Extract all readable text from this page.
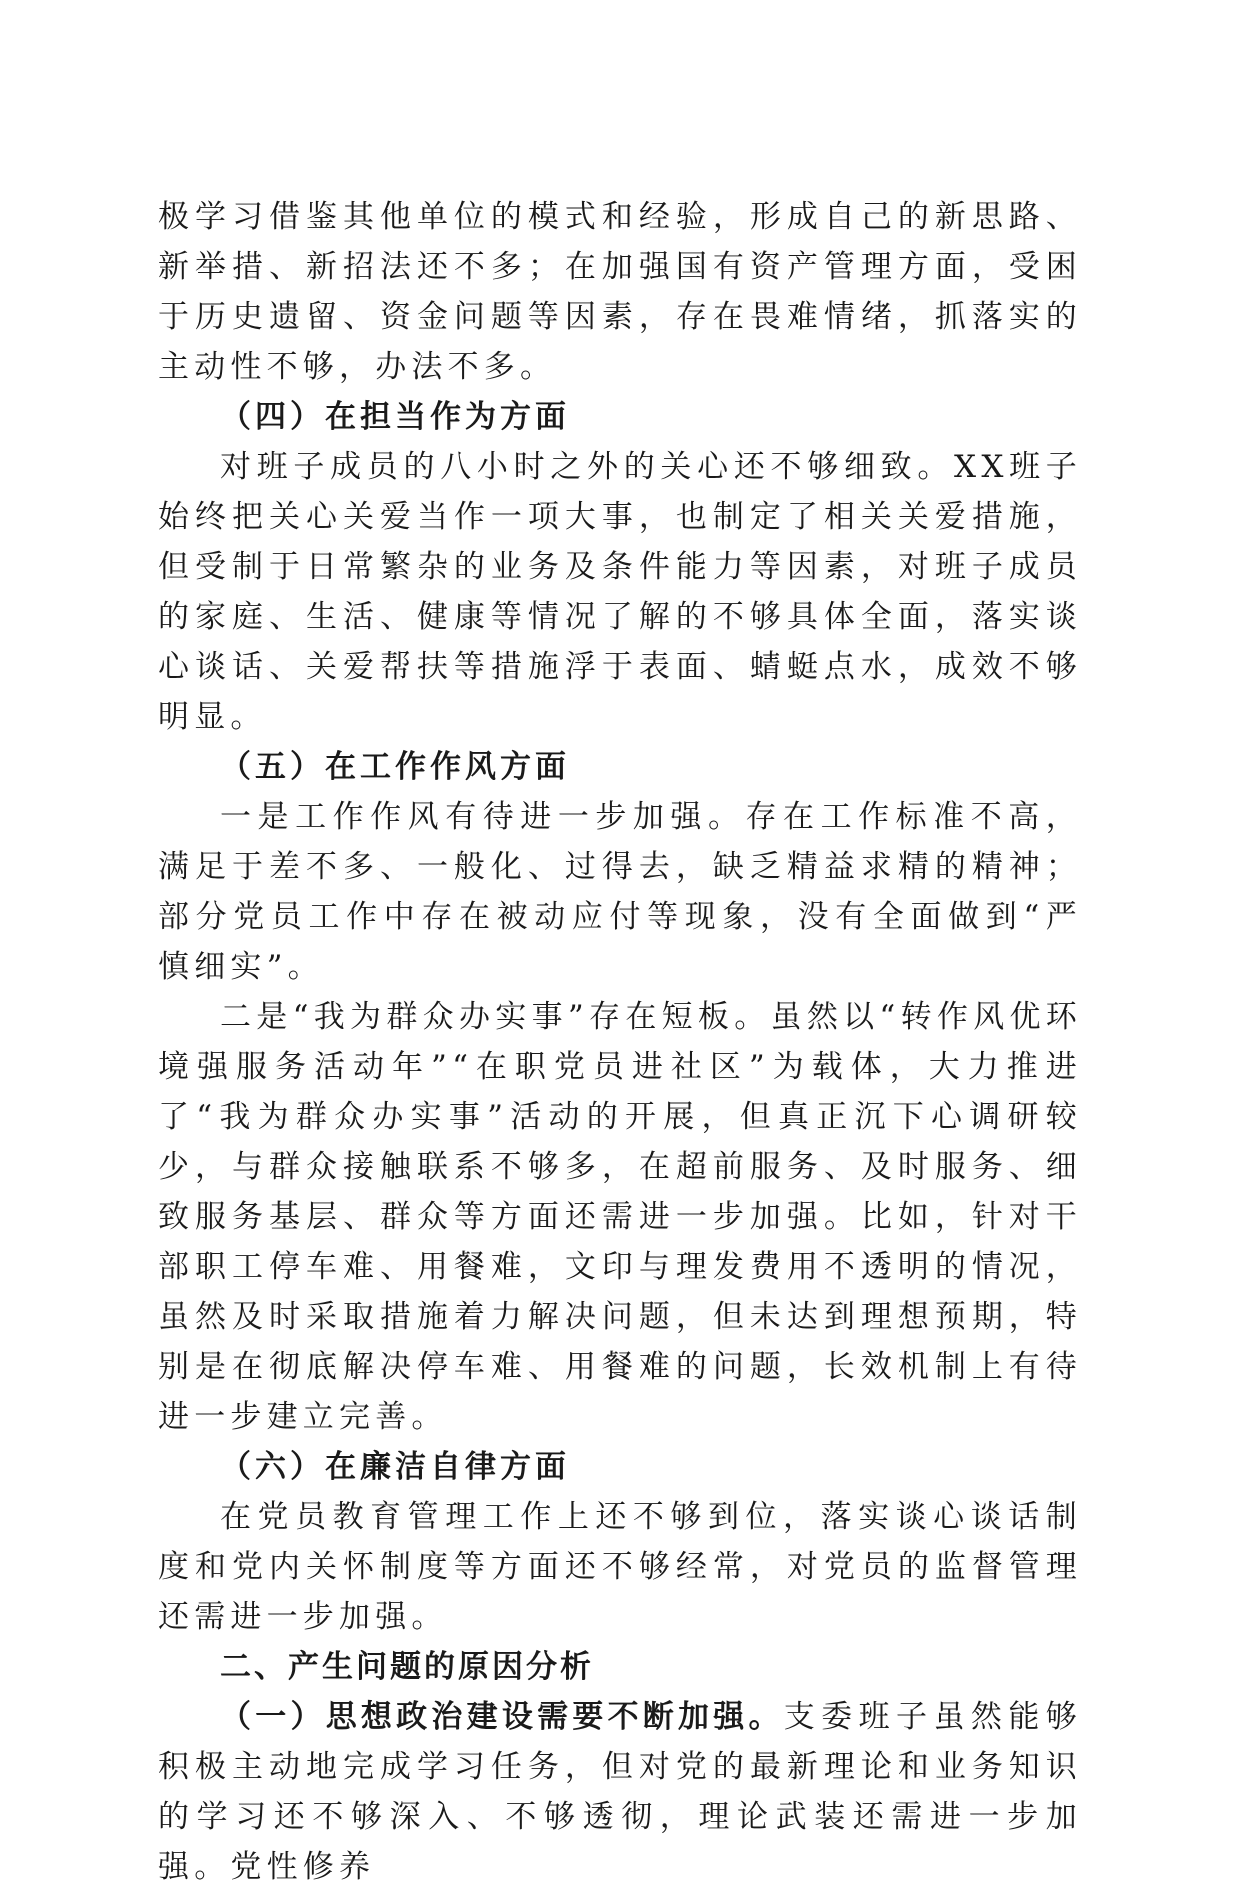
极学习借鉴其他单位的模式和经验，形成自己的新思路、新举措、新招法还不多；在加强国有资产管理方面，受困于历史遗留、资金问题等因素，存在畏难情绪，抓落实的主动性不够，办法不多。

（四）在担当作为方面

对班子成员的八小时之外的关心还不够细致。XX班子始终把关心关爱当作一项大事，也制定了相关关爱措施，但受制于日常繁杂的业务及条件能力等因素，对班子成员的家庭、生活、健康等情况了解的不够具体全面，落实谈心谈话、关爱帮扶等措施浮于表面、蜻蜓点水，成效不够明显。

（五）在工作作风方面

一是工作作风有待进一步加强。存在工作标准不高，满足于差不多、一般化、过得去，缺乏精益求精的精神；部分党员工作中存在被动应付等现象，没有全面做到“严慎细实”。

二是“我为群众办实事”存在短板。虽然以“转作风优环境强服务活动年”“在职党员进社区”为载体，大力推进了“我为群众办实事”活动的开展，但真正沉下心调研较少，与群众接触联系不够多，在超前服务、及时服务、细致服务基层、群众等方面还需进一步加强。比如，针对干部职工停车难、用餐难，文印与理发费用不透明的情况，虽然及时采取措施着力解决问题，但未达到理想预期，特别是在彻底解决停车难、用餐难的问题，长效机制上有待进一步建立完善。

（六）在廉洁自律方面

在党员教育管理工作上还不够到位，落实谈心谈话制度和党内关怀制度等方面还不够经常，对党员的监督管理还需进一步加强。

二、产生问题的原因分析

（一）思想政治建设需要不断加强。支委班子虽然能够积极主动地完成学习任务，但对党的最新理论和业务知识的学习还不够深入、不够透彻，理论武装还需进一步加强。党性修养
